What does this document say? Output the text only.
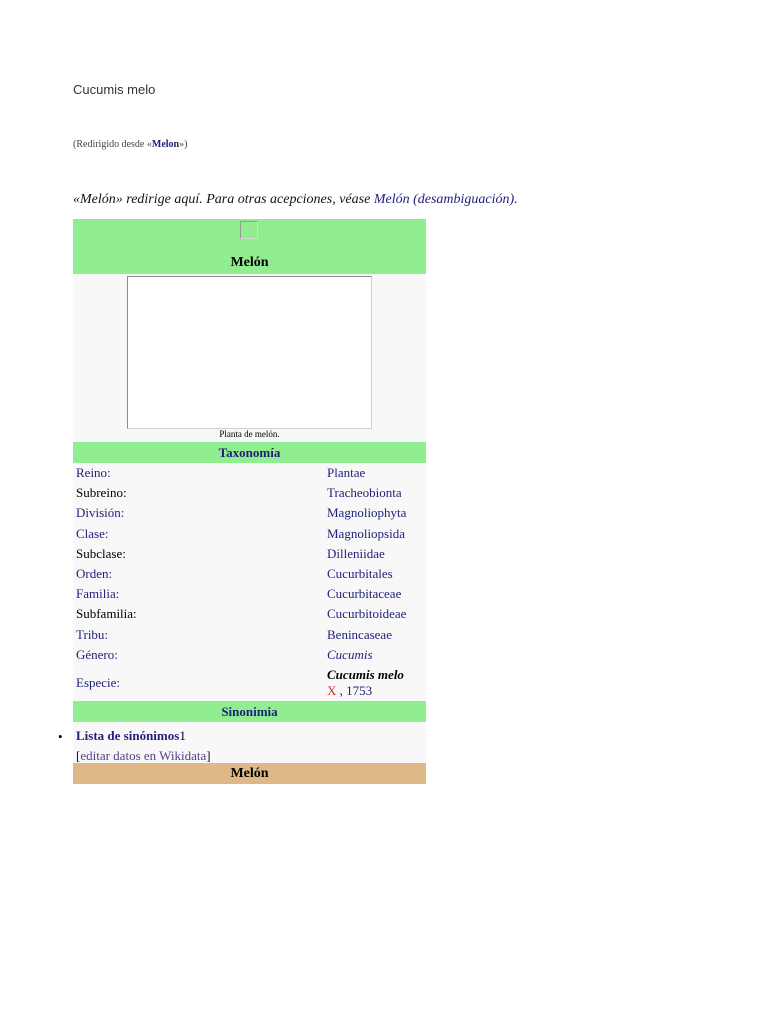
Cucumis melo
(Redirigido desde «Melon»)
«Melón» redirige aquí. Para otras acepciones, véase Melón (desambiguación).
Melón
Planta de melón.
Taxonomía
Reino:	Plantae
Subreino:	Tracheobionta
División:	Magnoliophyta
Clase:	Magnoliopsida
Subclase:	Dilleniidae
Orden:	Cucurbitales
Familia:	Cucurbitaceae
Subfamilia:	Cucurbitoideae
Tribu:	Benincaseae
Género:	Cucumis
Especie:	Cucumis melo
X , 1753
Sinonimia
• Lista de sinónimos1
[editar datos en Wikidata]
Melón
